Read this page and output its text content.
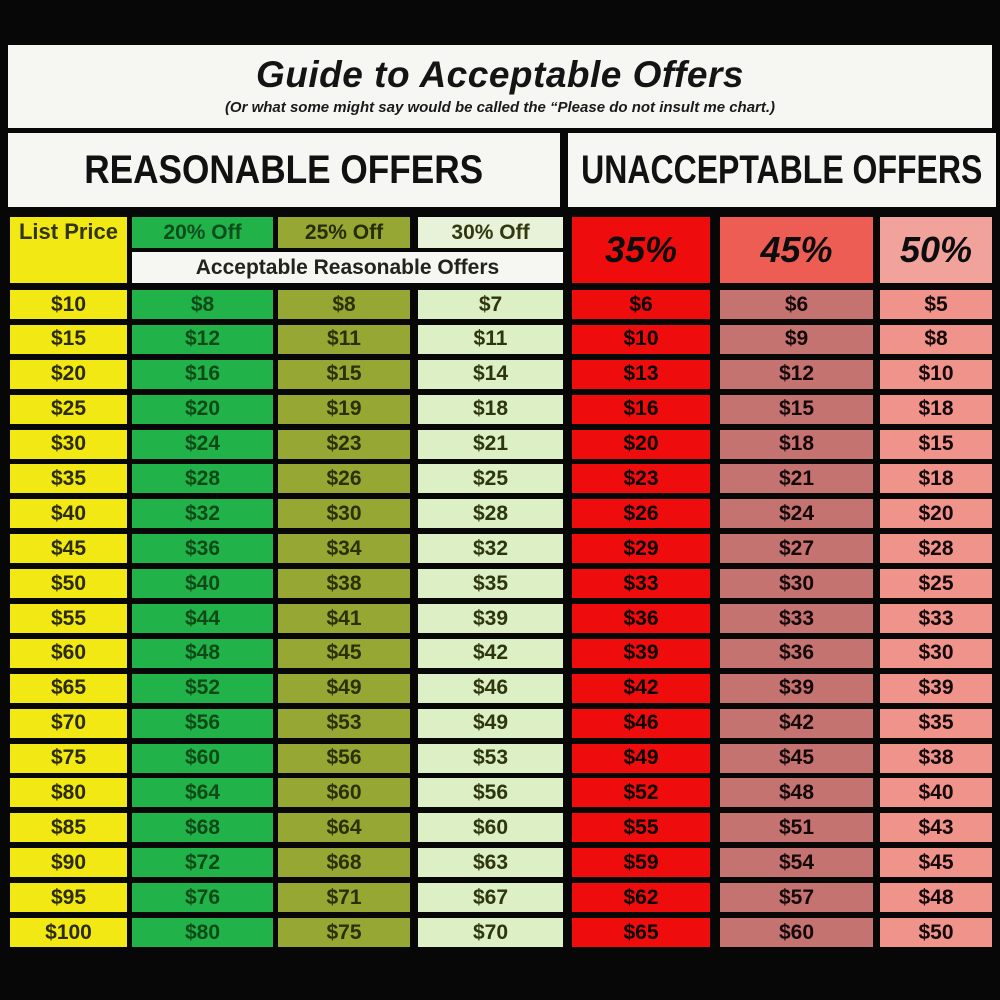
Guide to Acceptable Offers
(Or what some might say would be called the “Please do not insult me chart.)
REASONABLE OFFERS UNACCEPTABLE OFFERS
List Price	20% Off	25% Off	30% Off
Acceptable Reasonable Offers	35%	45%	50%
$10	$8	$8	$7	$6	$6	$5
$15	$12	$11	$11	$10	$9	$8
$20	$16	$15	$14	$13	$12	$10
$25	$20	$19	$18	$16	$15	$18
$30	$24	$23	$21	$20	$18	$15
$35	$28	$26	$25	$23	$21	$18
$40	$32	$30	$28	$26	$24	$20
$45	$36	$34	$32	$29	$27	$28
$50	$40	$38	$35	$33	$30	$25
$55	$44	$41	$39	$36	$33	$33
$60	$48	$45	$42	$39	$36	$30
$65	$52	$49	$46	$42	$39	$39
$70	$56	$53	$49	$46	$42	$35
$75	$60	$56	$53	$49	$45	$38
$80	$64	$60	$56	$52	$48	$40
$85	$68	$64	$60	$55	$51	$43
$90	$72	$68	$63	$59	$54	$45
$95	$76	$71	$67	$62	$57	$48
$100	$80	$75	$70	$65	$60	$50
